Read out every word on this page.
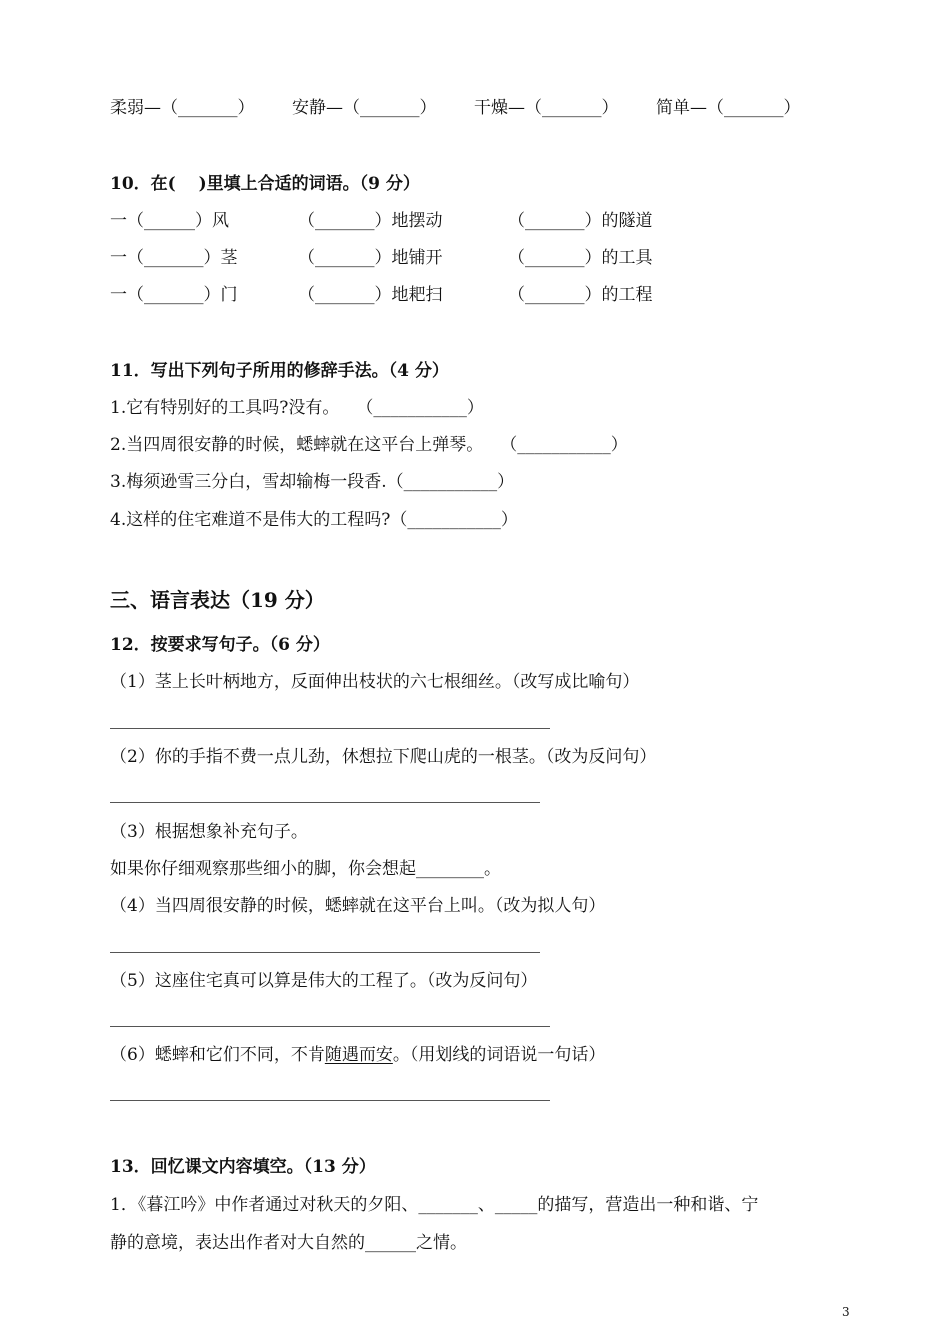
柔弱—（_______） 安静—（_______） 干燥—（_______） 简单—（_______）
10．在(　 )里填上合适的词语。（9 分）
一（______）风	（_______）地摆动	（_______）的隧道
一（_______）茎	（_______）地铺开	（_______）的工具
一（_______）门	（_______）地耙扫	（_______）的工程
11．写出下列句子所用的修辞手法。（4 分）
1.它有特别好的工具吗?没有。　　（___________）
2.当四周很安静的时候，蟋蟀就在这平台上弹琴。　　（___________）
3.梅须逊雪三分白，雪却输梅一段香.（___________）
4.这样的住宅难道不是伟大的工程吗?（___________）
三、语言表达（19 分）
12．按要求写句子。（6 分）
（1）茎上长叶柄地方，反面伸出枝状的六七根细丝。（改写成比喻句）
（2）你的手指不费一点儿劲，休想拉下爬山虎的一根茎。（改为反问句）
（3）根据想象补充句子。
如果你仔细观察那些细小的脚，你会想起________。
（4）当四周很安静的时候，蟋蟀就在这平台上叫。（改为拟人句）
（5）这座住宅真可以算是伟大的工程了。（改为反问句）
（6）蟋蟀和它们不同，不肯随遇而安。（用划线的词语说一句话）
13．回忆课文内容填空。（13 分）
1．《暮江吟》中作者通过对秋天的夕阳、_______、_____的描写，营造出一种和谐、宁
静的意境，表达出作者对大自然的______之情。
3
